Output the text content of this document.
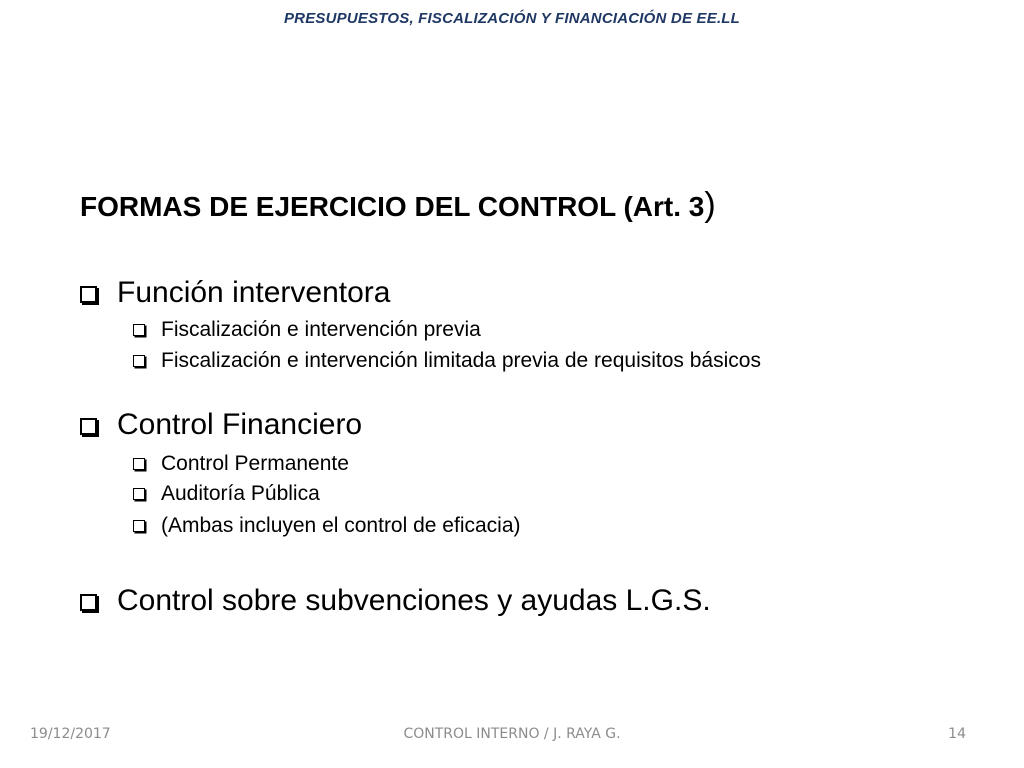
PRESUPUESTOS, FISCALIZACIÓN Y FINANCIACIÓN DE EE.LL
FORMAS DE EJERCICIO DEL CONTROL (Art. 3)
Función interventora
Fiscalización e intervención previa
Fiscalización e intervención limitada previa de requisitos básicos
Control Financiero
Control Permanente
Auditoría Pública
(Ambas incluyen el control de eficacia)
Control sobre subvenciones y ayudas L.G.S.
19/12/2017	CONTROL INTERNO / J. RAYA G.	14
